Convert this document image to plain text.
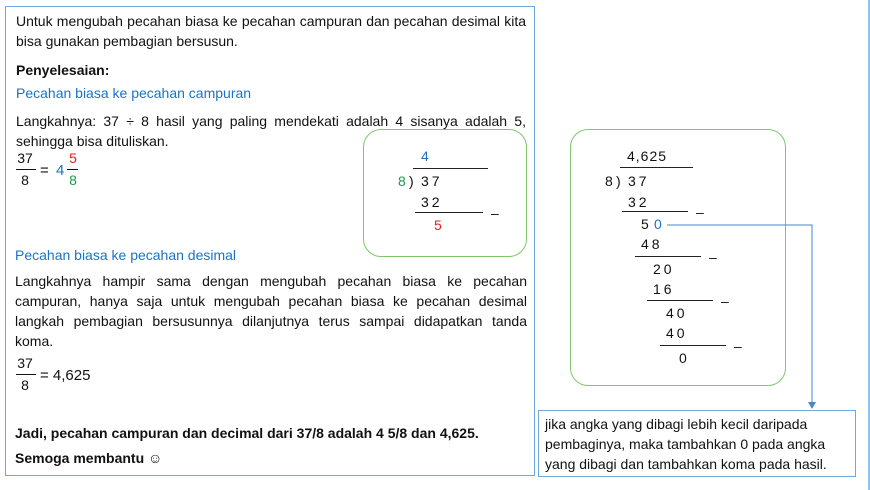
Untuk mengubah pecahan biasa ke pecahan campuran dan pecahan desimal kita bisa gunakan pembagian bersusun.

Penyelesaian:

Pecahan biasa ke pecahan campuran

Langkahnya: 37 ÷ 8 hasil yang paling mendekati adalah 4 sisanya adalah 5, sehingga bisa dituliskan.

37
8
= 4
5
8
Pecahan biasa ke pecahan desimal
Langkahnya hampir sama dengan mengubah pecahan biasa ke pecahan campuran, hanya saja untuk mengubah pecahan biasa ke pecahan desimal langkah pembagian bersusunnya dilanjutnya terus sampai didapatkan tanda koma.
37
8
= 4,625
Jadi, pecahan campuran dan decimal dari 37/8 adalah 4 5/8 dan 4,625.
Semoga membantu ☺
4
8 ) 37
32
–
5
4,625
8 ) 37
32
–
5 0
48
–
20
16
–
40
40
–
0
jika angka yang dibagi lebih kecil daripada pembaginya, maka tambahkan 0 pada angka yang dibagi dan tambahkan koma pada hasil.
